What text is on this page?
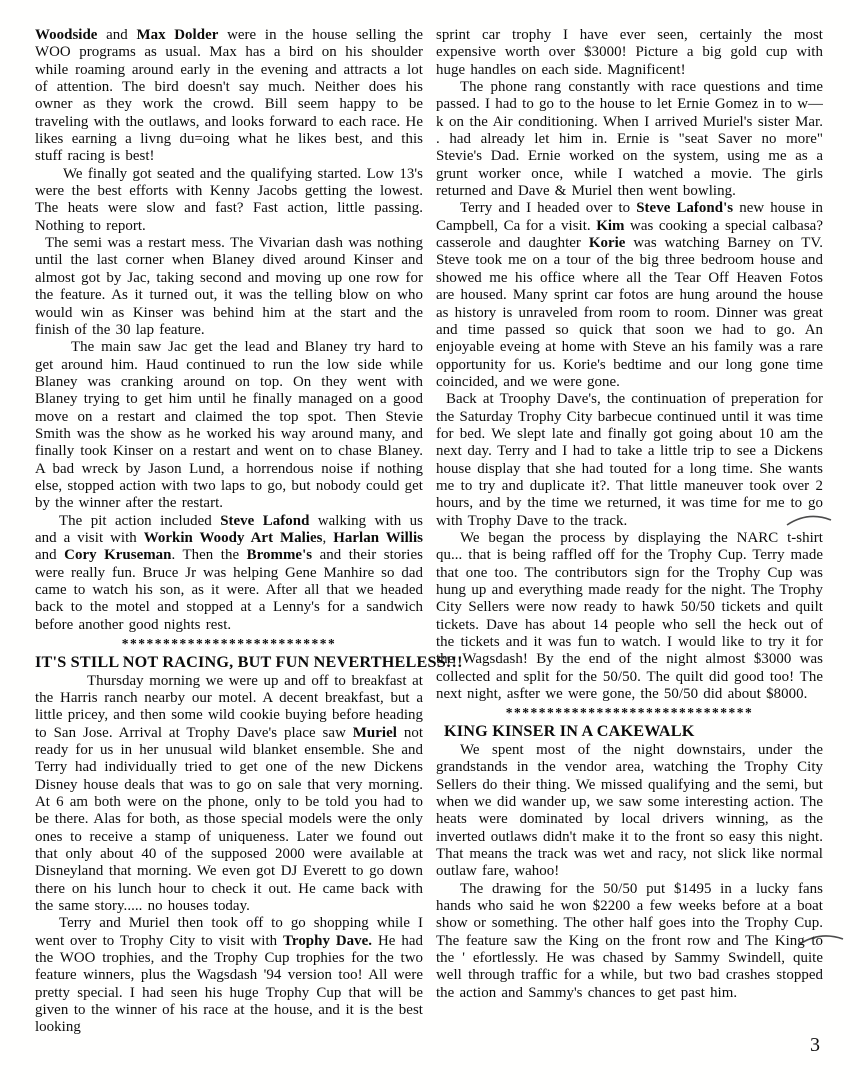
Woodside and Max Dolder were in the house selling the WOO programs as usual. Max has a bird on his shoulder while roaming around early in the evening and attracts a lot of attention. The bird doesn't say much. Neither does his owner as they work the crowd. Bill seem happy to be traveling with the outlaws, and looks forward to each race. He likes earning a livng du=oing what he likes best, and this stuff racing is best!

We finally got seated and the qualifying started. Low 13's were the best efforts with Kenny Jacobs getting the lowest. The heats were slow and fast? Fast action, little passing. Nothing to report.

The semi was a restart mess. The Vivarian dash was nothing until the last corner when Blaney dived around Kinser and almost got by Jac, taking second and moving up one row for the feature. As it turned out, it was the telling blow on who would win as Kinser was behind him at the start and the finish of the 30 lap feature.

The main saw Jac get the lead and Blaney try hard to get around him. Haud continued to run the low side while Blaney was cranking around on top. On they went with Blaney trying to get him until he finally managed on a good move on a restart and claimed the top spot. Then Stevie Smith was the show as he worked his way around many, and finally took Kinser on a restart and went on to chase Blaney. A bad wreck by Jason Lund, a horrendous noise if nothing else, stopped action with two laps to go, but nobody could get by the winner after the restart.

The pit action included Steve Lafond walking with us and a visit with Workin Woody Art Malies, Harlan Willis and Cory Kruseman. Then the Bromme's and their stories were really fun. Bruce Jr was helping Gene Manhire so dad came to watch his son, as it were. After all that we headed back to the motel and stopped at a Lenny's for a sandwich before another good nights rest.

**************************
IT'S STILL NOT RACING, BUT FUN NEVERTHELESS!!!

Thursday morning we were up and off to breakfast at the Harris ranch nearby our motel. A decent breakfast, but a little pricey, and then some wild cookie buying before heading to San Jose. Arrival at Trophy Dave's place saw Muriel not ready for us in her unusual wild blanket ensemble. She and Terry had individually tried to get one of the new Dickens Disney house deals that was to go on sale that very morning. At 6 am both were on the phone, only to be told you had to be there. Alas for both, as those special models were the only ones to receive a stamp of uniqueness. Later we found out that only about 40 of the supposed 2000 were available at Disneyland that morning. We even got DJ Everett to go down there on his lunch hour to check it out. He came back with the same story..... no houses today.

Terry and Muriel then took off to go shopping while I went over to Trophy City to visit with Trophy Dave. He had the WOO trophies, and the Trophy Cup trophies for the two feature winners, plus the Wagsdash '94 version too! All were pretty special. I had seen his huge Trophy Cup that will be given to the winner of his race at the house, and it is the best looking

sprint car trophy I have ever seen, certainly the most expensive worth over $3000! Picture a big gold cup with huge handles on each side. Magnificent!

The phone rang constantly with race questions and time passed. I had to go to the house to let Ernie Gomez in to w—k on the Air conditioning. When I arrived Muriel's sister Mar. . had already let him in. Ernie is "seat Saver no more" Stevie's Dad. Ernie worked on the system, using me as a grunt worker once, while I watched a movie. The girls returned and Dave & Muriel then went bowling.

Terry and I headed over to Steve Lafond's new house in Campbell, Ca for a visit. Kim was cooking a special calbasa? casserole and daughter Korie was watching Barney on TV. Steve took me on a tour of the big three bedroom house and showed me his office where all the Tear Off Heaven Fotos are housed. Many sprint car fotos are hung around the house as history is unraveled from room to room. Dinner was great and time passed so quick that soon we had to go. An enjoyable eveing at home with Steve an his family was a rare opportunity for us. Korie's bedtime and our long gone time coincided, and we were gone.

Back at Troophy Dave's, the continuation of preperation for the Saturday Trophy City barbecue continued until it was time for bed. We slept late and finally got going about 10 am the next day. Terry and I had to take a little trip to see a Dickens house display that she had touted for a long time. She wants me to try and duplicate it?. That little maneuver took over 2 hours, and by the time we returned, it was time for me to go with Trophy Dave to the track.

We began the process by displaying the NARC t-shirt qu... that is being raffled off for the Trophy Cup. Terry made that one too. The contributors sign for the Trophy Cup was hung up and everything made ready for the night. The Trophy City Sellers were now ready to hawk 50/50 tickets and quilt tickets. Dave has about 14 people who sell the heck out of the tickets and it was fun to watch. I would like to try it for the Wagsdash! By the end of the night almost $3000 was collected and split for the 50/50. The quilt did good too! The next night, asfter we were gone, the 50/50 did about $8000.

******************************
KING KINSER IN A CAKEWALK

We spent most of the night downstairs, under the grandstands in the vendor area, watching the Trophy City Sellers do their thing. We missed qualifying and the semi, but when we did wander up, we saw some interesting action. The heats were dominated by local drivers winning, as the inverted outlaws didn't make it to the front so easy this night. That means the track was wet and racy, not slick like normal outlaw fare, wahoo!

The drawing for the 50/50 put $1495 in a lucky fans hands who said he won $2200 a few weeks before at a boat show or something. The other half goes into the Trophy Cup. The feature saw the King on the front row and The King to the ' efortlessly. He was chased by Sammy Swindell, quite well through traffic for a while, but two bad crashes stopped the action and Sammy's chances to get past him.

3
